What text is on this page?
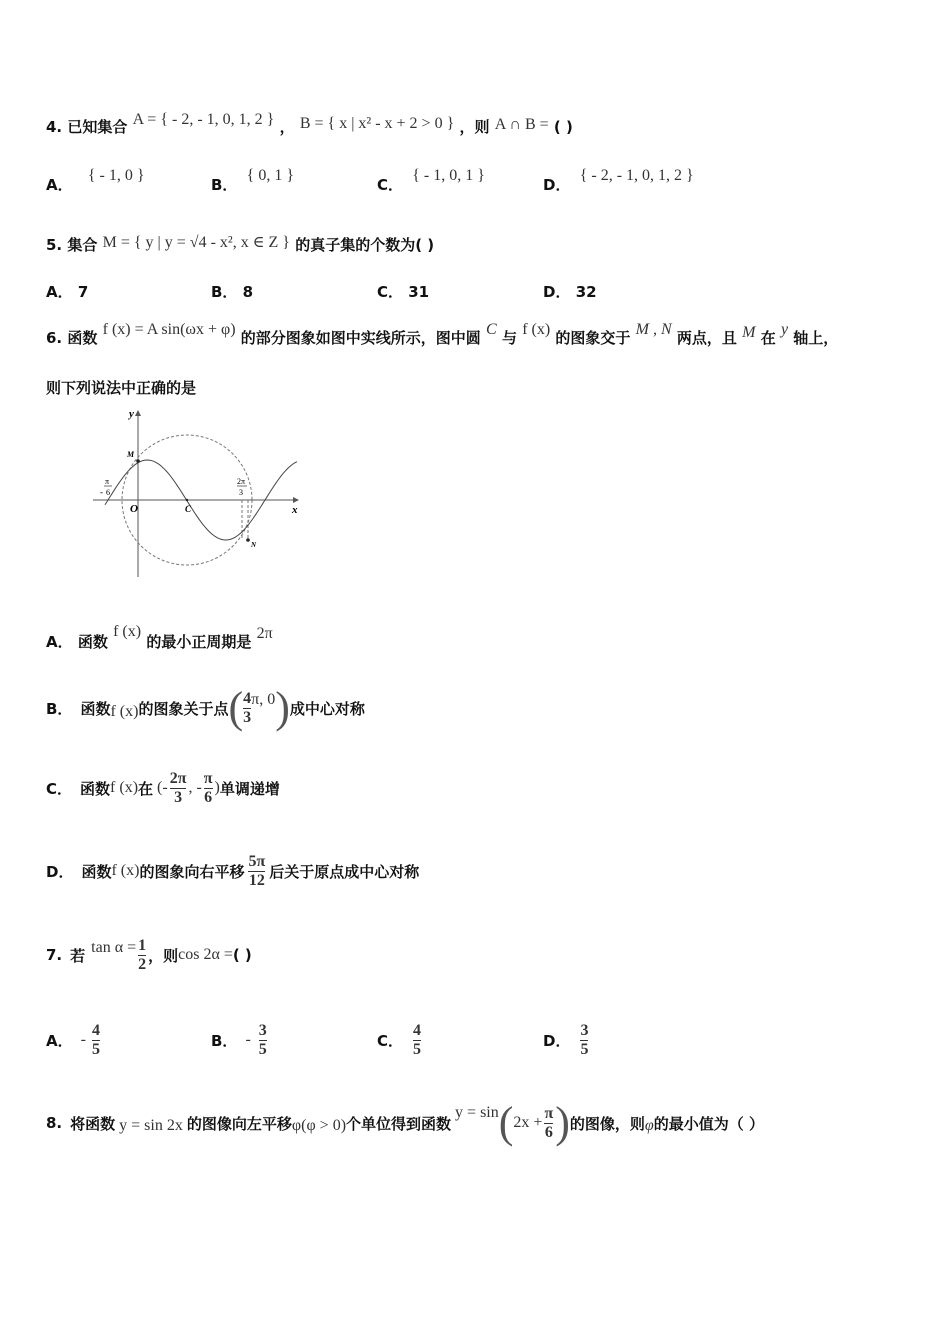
4. 已知集合 A = { - 2, - 1, 0, 1, 2 } ， B = { x | x² - x + 2 > 0 } ，则 A ∩ B = ( )
A． { - 1, 0 }
B． { 0, 1 }
C． { - 1, 0, 1 }
D． { - 2, - 1, 0, 1, 2 }
5. 集合 M = { y | y = √4 - x², x ∈ Z } 的真子集的个数为( )
A． 7	B． 8	C． 31	D． 32
6. 函数 f (x) = A sin(ωx + φ) 的部分图象如图中实线所示，图中圆 C 与 f (x) 的图象交于 M , N 两点，且 M 在 y 轴上，
则下列说法中正确的是
x
y
O
M
N
C
-
π
6
2π
3
A． 函数 f (x) 的最小正周期是 2π
B． 函数 f (x) 的图象关于点 ( $\frac{4}{3} \pi$, 0 ) 成中心对称
C． 函数 f (x) 在 (- $\frac{2\pi}{3}$ , - $\frac{\pi}{6}$ ) 单调递增
D． 函数 f (x) 的图象向右平移 $\frac{5\pi}{12}$ 后关于原点成中心对称
7. 若 $\tan \alpha = \frac{1}{2}$ ，则 cos 2α = ( )
A． - $\frac{4}{5}$	B． - $\frac{3}{5}$	C． $\frac{4}{5}$	D． $\frac{3}{5}$
8. 将函数 y = sin 2x 的图像向左平移 φ(φ > 0) 个单位得到函数
y = sin ( $2x + \frac{\pi}{6}$ ) 的图像，则 φ 的最小值为（ ）
